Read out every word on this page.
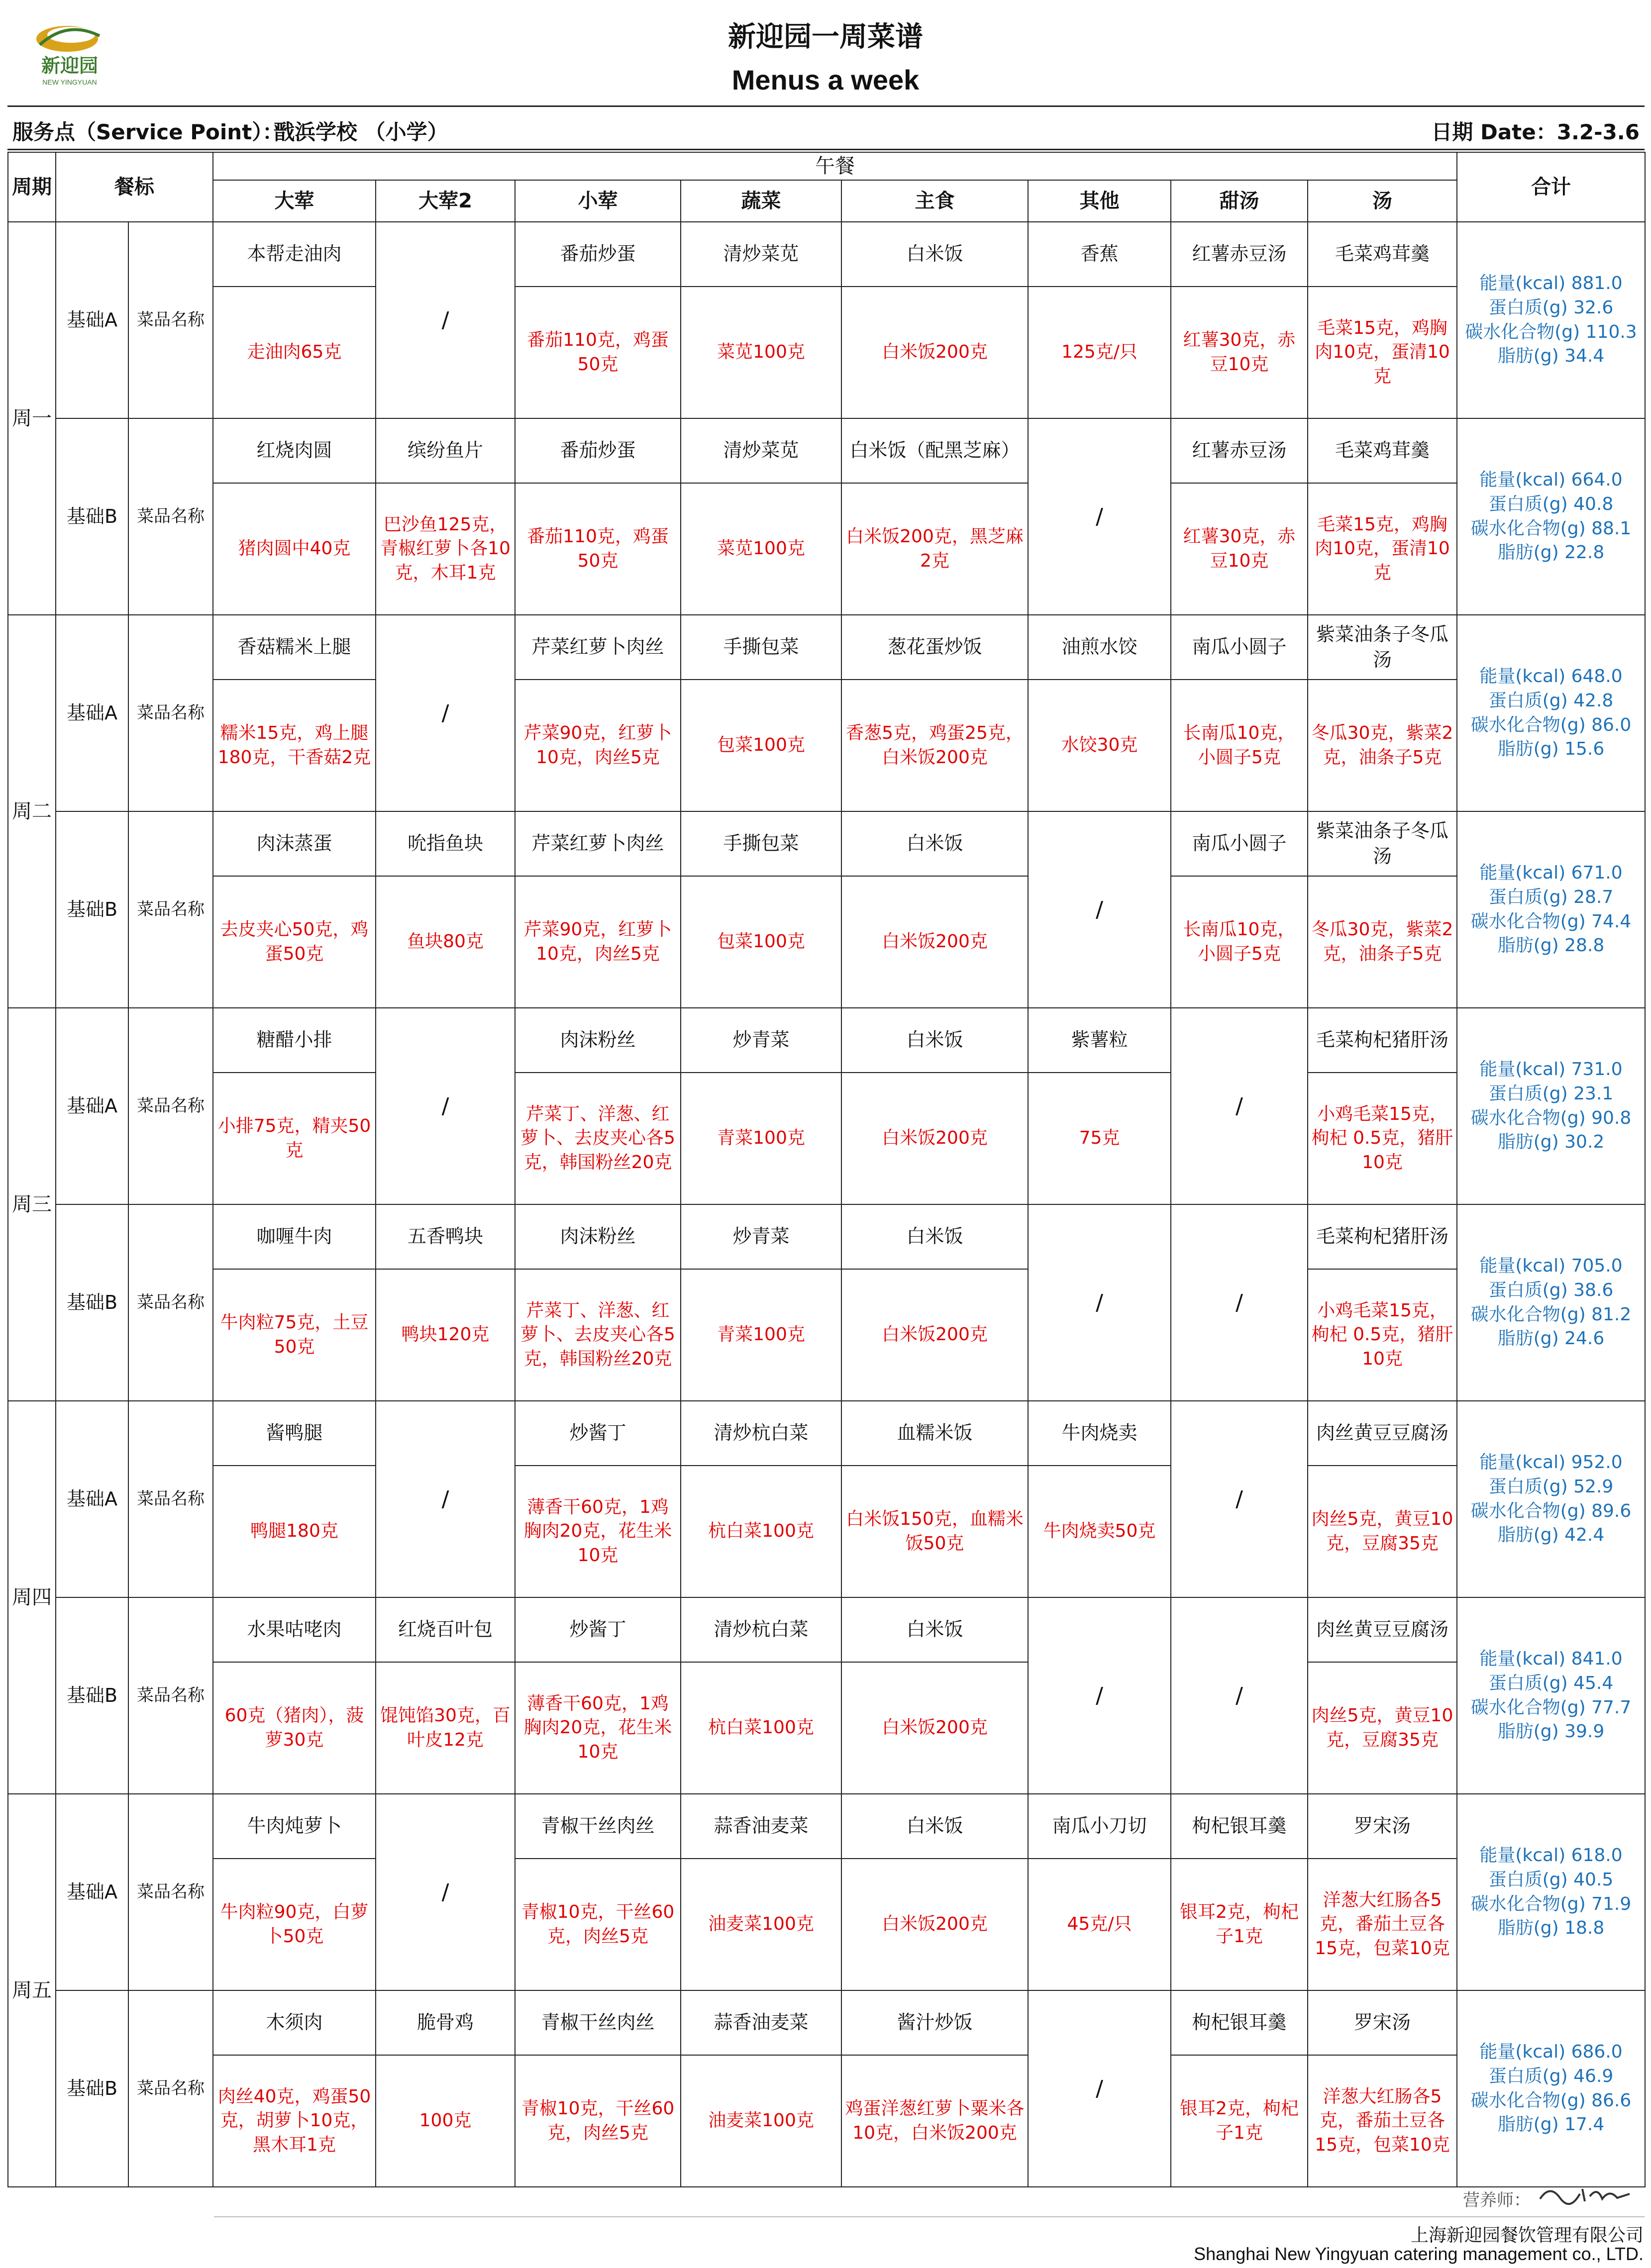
新迎园
NEW YINGYUAN
新迎园一周菜谱
Menus a week
服务点（Service Point）：
戬浜学校 （小学）	日期 Date：3.2-3.6
周期	餐标		午餐								合计
			大荤	大荤2	小荤	蔬菜	主食	其他	甜汤	汤	
周一	基础A	菜品名称	本帮走油肉	/	番茄炒蛋	清炒菜苋	白米饭	香蕉	红薯赤豆汤	毛菜鸡茸羹	能量(kcal) 881.0
蛋白质(g) 32.6
碳水化合物(g) 110.3
脂肪(g) 34.4

			走油肉65克		番茄110克，鸡蛋50克	菜苋100克	白米饭200克	125克/只	红薯30克，赤豆10克	毛菜15克，鸡胸肉10克，蛋清10克	
	基础B	菜品名称	红烧肉圆	缤纷鱼片	番茄炒蛋	清炒菜苋	白米饭（配黑芝麻）	/	红薯赤豆汤	毛菜鸡茸羹	能量(kcal) 664.0
蛋白质(g) 40.8
碳水化合物(g) 88.1
脂肪(g) 22.8

			猪肉圆中40克	巴沙鱼125克，青椒红萝卜各10克，木耳1克	番茄110克，鸡蛋50克	菜苋100克	白米饭200克，黑芝麻2克		红薯30克，赤豆10克	毛菜15克，鸡胸肉10克，蛋清10克	
周二	基础A	菜品名称	香菇糯米上腿	/	芹菜红萝卜肉丝	手撕包菜	葱花蛋炒饭	油煎水饺	南瓜小圆子	紫菜油条子冬瓜汤	能量(kcal) 648.0
蛋白质(g) 42.8
碳水化合物(g) 86.0
脂肪(g) 15.6

			糯米15克，鸡上腿180克，干香菇2克		芹菜90克，红萝卜10克，肉丝5克	包菜100克	香葱5克，鸡蛋25克，白米饭200克	水饺30克	长南瓜10克，小圆子5克	冬瓜30克，紫菜2克，油条子5克	
	基础B	菜品名称	肉沫蒸蛋	吮指鱼块	芹菜红萝卜肉丝	手撕包菜	白米饭	/	南瓜小圆子	紫菜油条子冬瓜汤	能量(kcal) 671.0
蛋白质(g) 28.7
碳水化合物(g) 74.4
脂肪(g) 28.8

			去皮夹心50克，鸡蛋50克	鱼块80克	芹菜90克，红萝卜10克，肉丝5克	包菜100克	白米饭200克		长南瓜10克，小圆子5克	冬瓜30克，紫菜2克，油条子5克	
周三	基础A	菜品名称	糖醋小排	/	肉沫粉丝	炒青菜	白米饭	紫薯粒	/	毛菜枸杞猪肝汤	能量(kcal) 731.0
蛋白质(g) 23.1
碳水化合物(g) 90.8
脂肪(g) 30.2

			小排75克，精夹50克		芹菜丁、洋葱、红萝卜、去皮夹心各5克，韩国粉丝20克	青菜100克	白米饭200克	75克		小鸡毛菜15克，枸杞 0.5克，猪肝10克	
	基础B	菜品名称	咖喱牛肉	五香鸭块	肉沫粉丝	炒青菜	白米饭	/	/	毛菜枸杞猪肝汤	能量(kcal) 705.0
蛋白质(g) 38.6
碳水化合物(g) 81.2
脂肪(g) 24.6

			牛肉粒75克，土豆50克	鸭块120克	芹菜丁、洋葱、红萝卜、去皮夹心各5克，韩国粉丝20克	青菜100克	白米饭200克			小鸡毛菜15克，枸杞 0.5克，猪肝10克	
周四	基础A	菜品名称	酱鸭腿	/	炒酱丁	清炒杭白菜	血糯米饭	牛肉烧卖	/	肉丝黄豆豆腐汤	能量(kcal) 952.0
蛋白质(g) 52.9
碳水化合物(g) 89.6
脂肪(g) 42.4

			鸭腿180克		薄香干60克，1鸡胸肉20克，花生米10克	杭白菜100克	白米饭150克，血糯米饭50克	牛肉烧卖50克		肉丝5克，黄豆10克，豆腐35克	
	基础B	菜品名称	水果咕咾肉	红烧百叶包	炒酱丁	清炒杭白菜	白米饭	/	/	肉丝黄豆豆腐汤	能量(kcal) 841.0
蛋白质(g) 45.4
碳水化合物(g) 77.7
脂肪(g) 39.9

			60克（猪肉），菠萝30克	馄饨馅30克，百叶皮12克	薄香干60克，1鸡胸肉20克，花生米10克	杭白菜100克	白米饭200克			肉丝5克，黄豆10克，豆腐35克	
周五	基础A	菜品名称	牛肉炖萝卜	/	青椒干丝肉丝	蒜香油麦菜	白米饭	南瓜小刀切	枸杞银耳羹	罗宋汤	能量(kcal) 618.0
蛋白质(g) 40.5
碳水化合物(g) 71.9
脂肪(g) 18.8

			牛肉粒90克，白萝卜50克		青椒10克，干丝60克，肉丝5克	油麦菜100克	白米饭200克	45克/只	银耳2克，枸杞子1克	洋葱大红肠各5克，番茄土豆各15克，包菜10克	
	基础B	菜品名称	木须肉	脆骨鸡	青椒干丝肉丝	蒜香油麦菜	酱汁炒饭	/	枸杞银耳羹	罗宋汤	能量(kcal) 686.0
蛋白质(g) 46.9
碳水化合物(g) 86.6
脂肪(g) 17.4

			肉丝40克，鸡蛋50克，胡萝卜10克，黑木耳1克	100克	青椒10克，干丝60克，肉丝5克	油麦菜100克	鸡蛋洋葱红萝卜粟米各 10克，白米饭200克		银耳2克，枸杞子1克	洋葱大红肠各5克，番茄土豆各15克，包菜10克	
营养师：
上海新迎园餐饮管理有限公司
Shanghai New Yingyuan catering management co., LTD.
